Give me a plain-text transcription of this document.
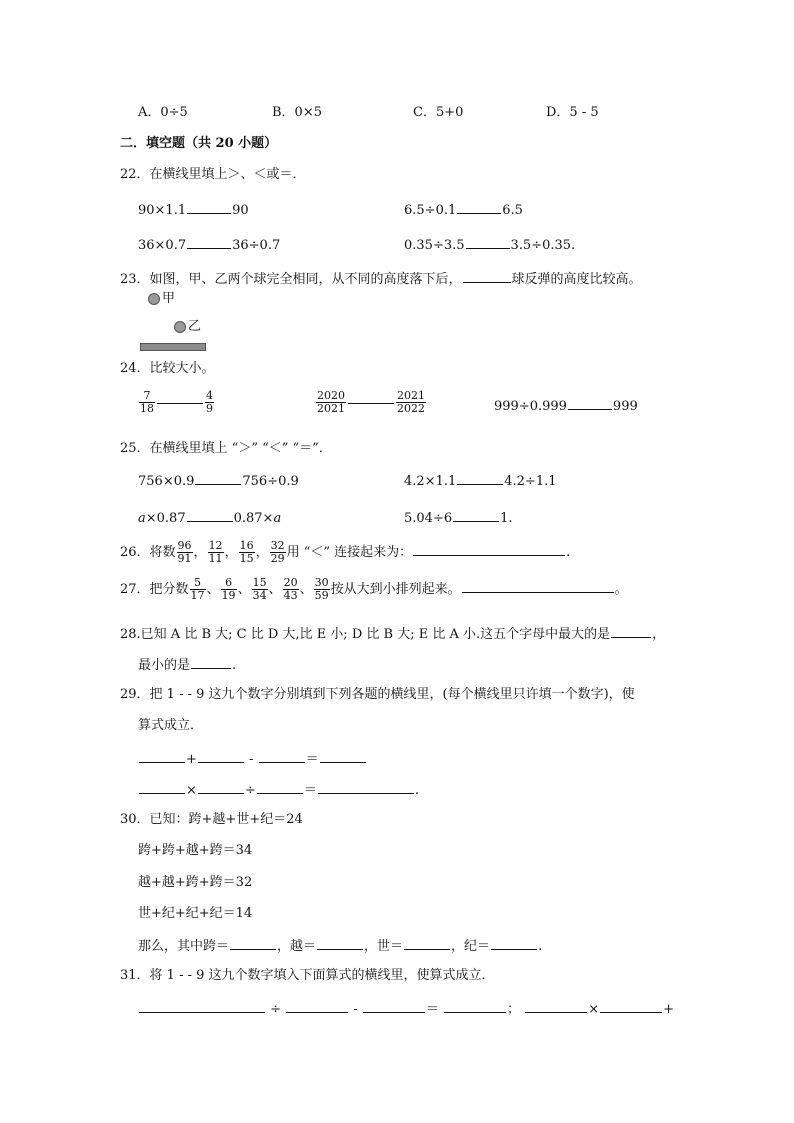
A．0÷5	B．0×5	C．5+0	D．5 - 5
二．填空题（共 20 小题）
22．在横线里填上＞、＜或＝．
90×1.1	90	6.5÷0.1	6.5
36×0.7	36÷0.7	0.35÷3.5	3.5÷0.35.
23．如图，甲、乙两个球完全相同，从不同的高度落下后，	球反弹的高度比较高。
甲
乙
24．比较大小。
$\frac{7}{18}$	$\frac{4}{9}$	$\frac{2020}{2021}$	$\frac{2021}{2022}$	999÷0.999	999
25．在横线里填上 “＞” “＜” “＝”．
756×0.9	756÷0.9	4.2×1.1	4.2÷1.1
a×0.87	0.87×a	5.04÷6	1.
26．将数 $\frac{96}{91}$ ， $\frac{12}{11}$ ， $\frac{16}{15}$ ， $\frac{32}{29}$ 用 “＜” 连接起来为：	.
27．把分数 $\frac{5}{17}$ 、 $\frac{6}{19}$ 、 $\frac{15}{34}$ 、 $\frac{20}{43}$ 、 $\frac{30}{59}$ 按从大到小排列起来。	。
28.已知 A 比 B 大; C 比 D 大,比 E 小; D 比 B 大; E 比 A 小.这五个字母中最大的是	，
最小的是	.
29．把 1 - - 9 这九个数字分别填到下列各题的横线里，(每个横线里只许填一个数字)，使
算式成立．
+	-	＝
×	÷	＝	.
30．已知：跨+越+世+纪＝24
跨+跨+越+跨＝34
越+越+跨+跨＝32
世+纪+纪+纪＝14
那么，其中跨＝	，越＝	，世＝	，纪＝	.
31．将 1 - - 9 这九个数字填入下面算式的横线里，使算式成立．
÷	-	＝	；	×	+
